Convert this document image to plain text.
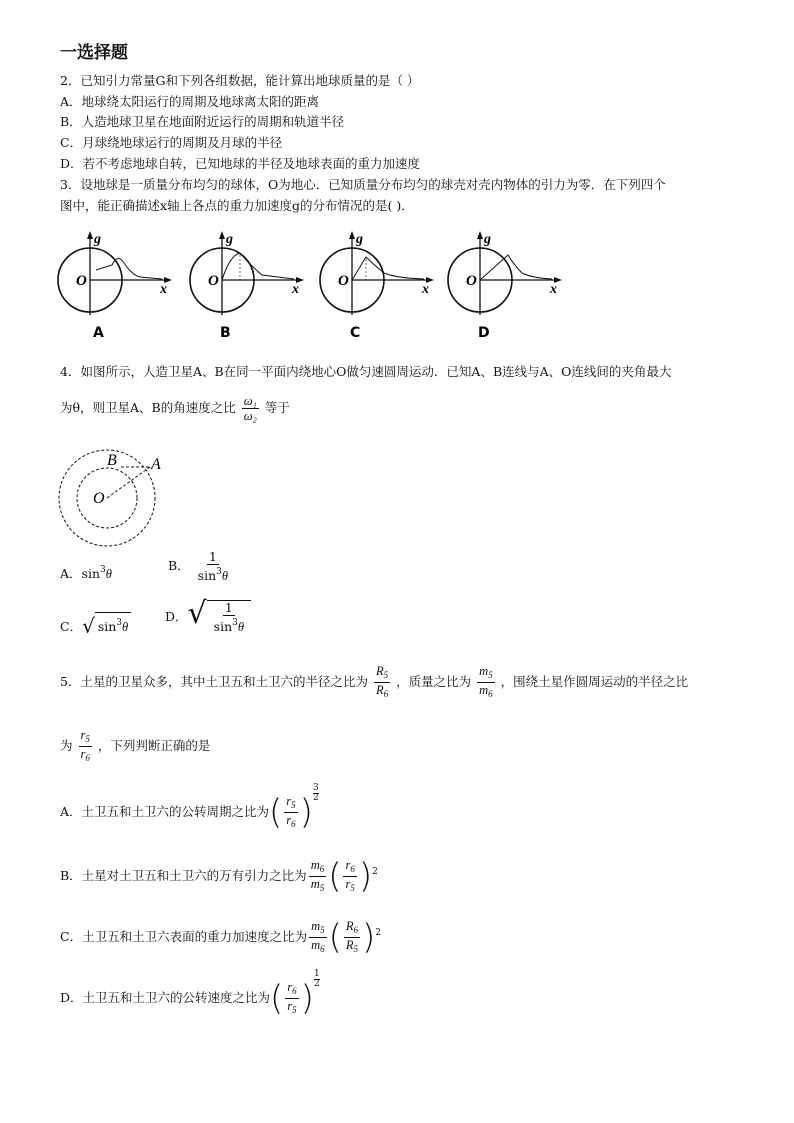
一选择题
2．已知引力常量G和下列各组数据，能计算出地球质量的是（ ）
A．地球绕太阳运行的周期及地球离太阳的距离
B．人造地球卫星在地面附近运行的周期和轨道半径
C．月球绕地球运行的周期及月球的半径
D．若不考虑地球自转，已知地球的半径及地球表面的重力加速度
3．设地球是一质量分布均匀的球体，O为地心．已知质量分布均匀的球壳对壳内物体的引力为零．在下列四个
图中，能正确描述x轴上各点的重力加速度g的分布情况的是( )．
x
g
O
A
x
g
O
B
x
g
O
C
x
g
O
D
4．如图所示，人造卫星A、B在同一平面内绕地心O做匀速圆周运动．已知A、B连线与A、O连线间的夹角最大
为θ，则卫星A、B的角速度之比 $\frac{\text{ω₁}}{\text{ω₂}}$ 等于
B A
O
A．$\sin^3\theta$
B． $\frac{1}{\sin^3\theta}$
C．√ $\sin^3\theta$
D．√ $\frac{1}{\sin^3\theta}$
5．土星的卫星众多，其中土卫五和土卫六的半径之比为 $\frac{R_5}{R_6}$ ，质量之比为 $\frac{m_5}{m_6}$ ，围绕土星作圆周运动的半径之比
为 $\frac{r_5}{r_6}$ ，下列判断正确的是
A．土卫五和土卫六的公转周期之比为( $\frac{r_5}{r_6}$ ) $\frac{3}{2}$
B．土星对土卫五和土卫六的万有引力之比为 $\frac{m_6}{m_5}$ ( $\frac{r_6}{r_5} )^2$
C．土卫五和土卫六表面的重力加速度之比为 $\frac{m_5}{m_6}$ ( $\frac{R_6}{R_5} )^2$
D．土卫五和土卫六的公转速度之比为( $\frac{r_6}{r_5}$ ) $\frac{1}{2}$
